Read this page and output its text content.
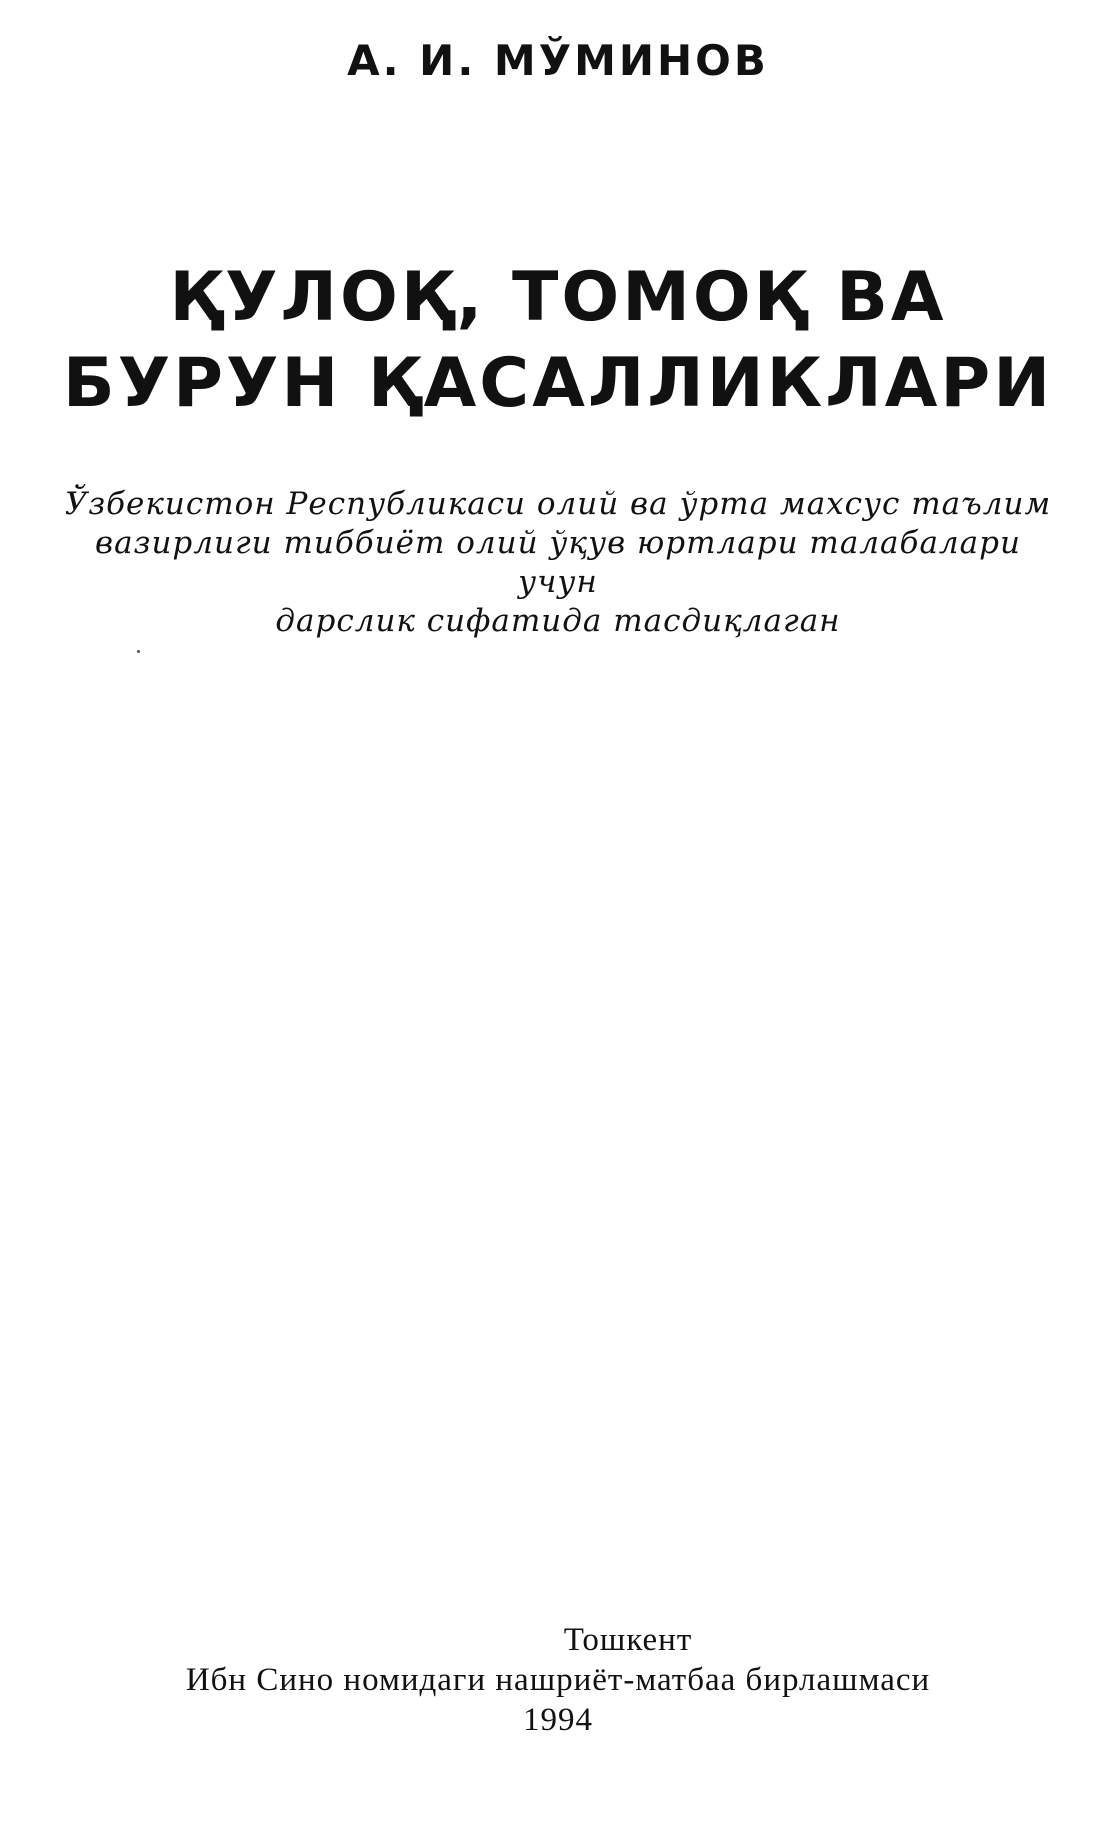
А. И. МЎМИНОВ
ҚУЛОҚ, ТОМОҚ ВА
БУРУН ҚАСАЛЛИКЛАРИ
Ўзбекистон Республикаси олий ва ўрта махсус таълим
вазирлиги тиббиёт олий ўқув юртлари талабалари учун
дарслик сифатида тасдиқлаган
Тошкент
Ибн Сино номидаги нашриёт-матбаа бирлашмаси
1994
